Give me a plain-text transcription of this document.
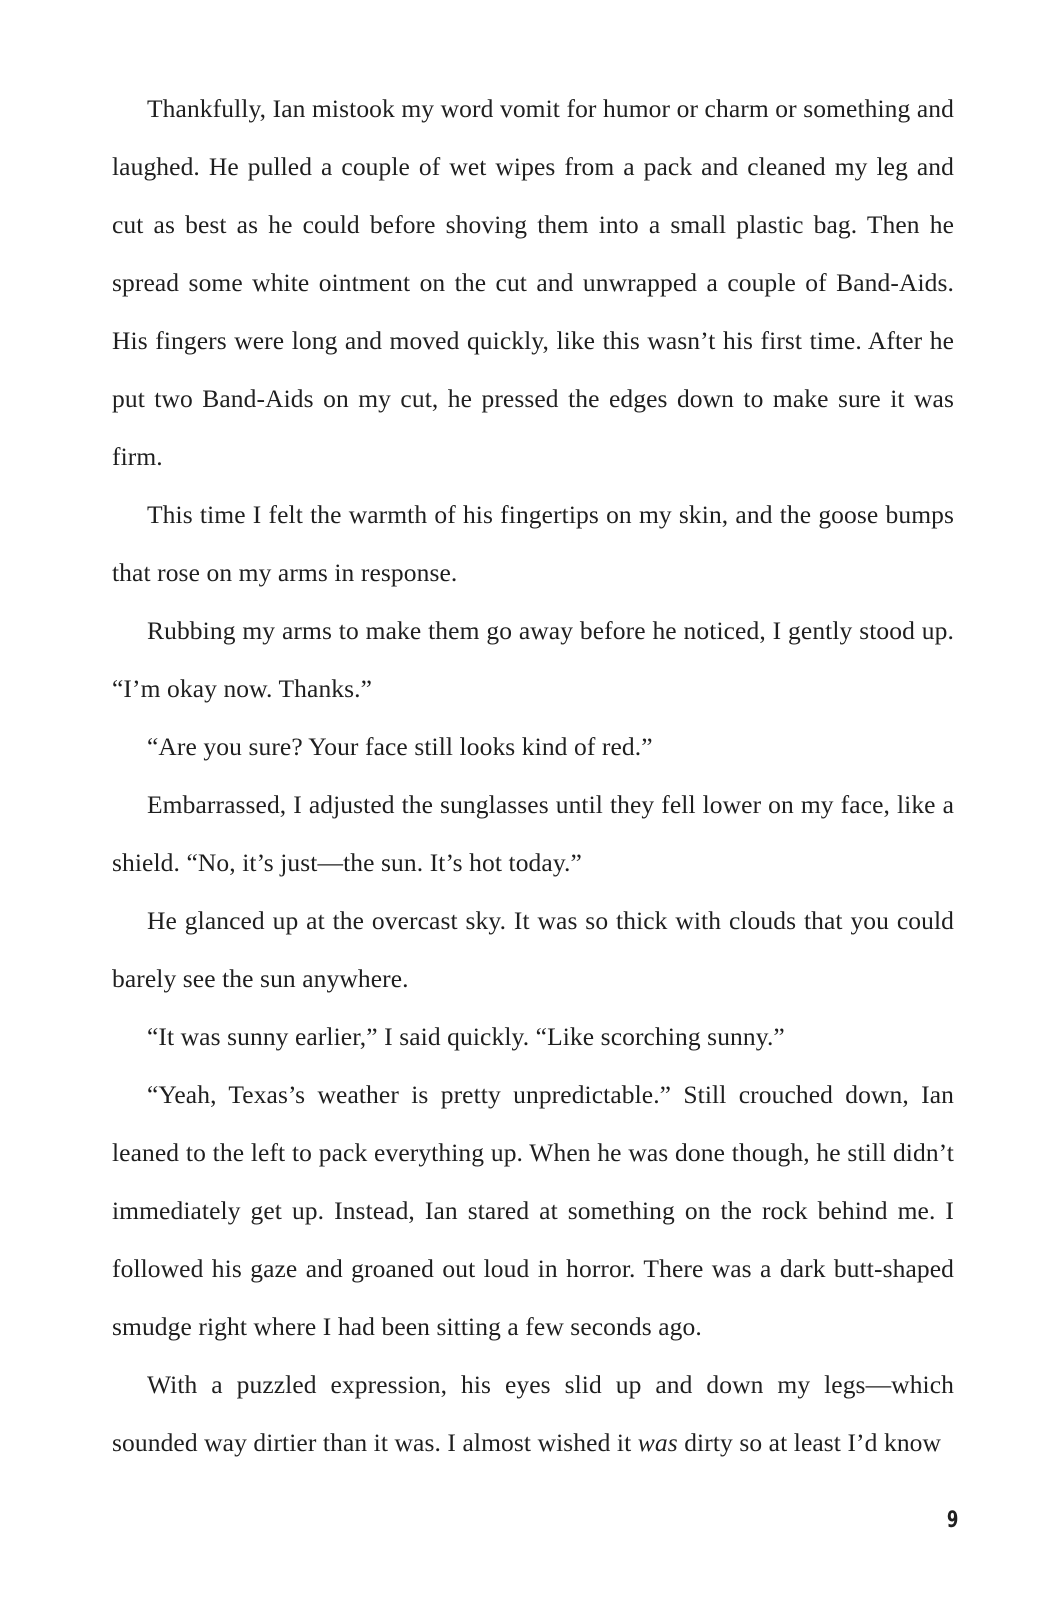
Thankfully, Ian mistook my word vomit for humor or charm or something and laughed. He pulled a couple of wet wipes from a pack and cleaned my leg and cut as best as he could before shoving them into a small plastic bag. Then he spread some white ointment on the cut and unwrapped a couple of Band-Aids. His fingers were long and moved quickly, like this wasn’t his first time. After he put two Band-Aids on my cut, he pressed the edges down to make sure it was firm.

This time I felt the warmth of his fingertips on my skin, and the goose bumps that rose on my arms in response.

Rubbing my arms to make them go away before he noticed, I gently stood up. “I’m okay now. Thanks.”

“Are you sure? Your face still looks kind of red.”

Embarrassed, I adjusted the sunglasses until they fell lower on my face, like a shield. “No, it’s just—the sun. It’s hot today.”

He glanced up at the overcast sky. It was so thick with clouds that you could barely see the sun anywhere.

“It was sunny earlier,” I said quickly. “Like scorching sunny.”

“Yeah, Texas’s weather is pretty unpredictable.” Still crouched down, Ian leaned to the left to pack everything up. When he was done though, he still didn’t immediately get up. Instead, Ian stared at something on the rock behind me. I followed his gaze and groaned out loud in horror. There was a dark butt-shaped smudge right where I had been sitting a few seconds ago.

With a puzzled expression, his eyes slid up and down my legs—which sounded way dirtier than it was. I almost wished it was dirty so at least I’d know

9
